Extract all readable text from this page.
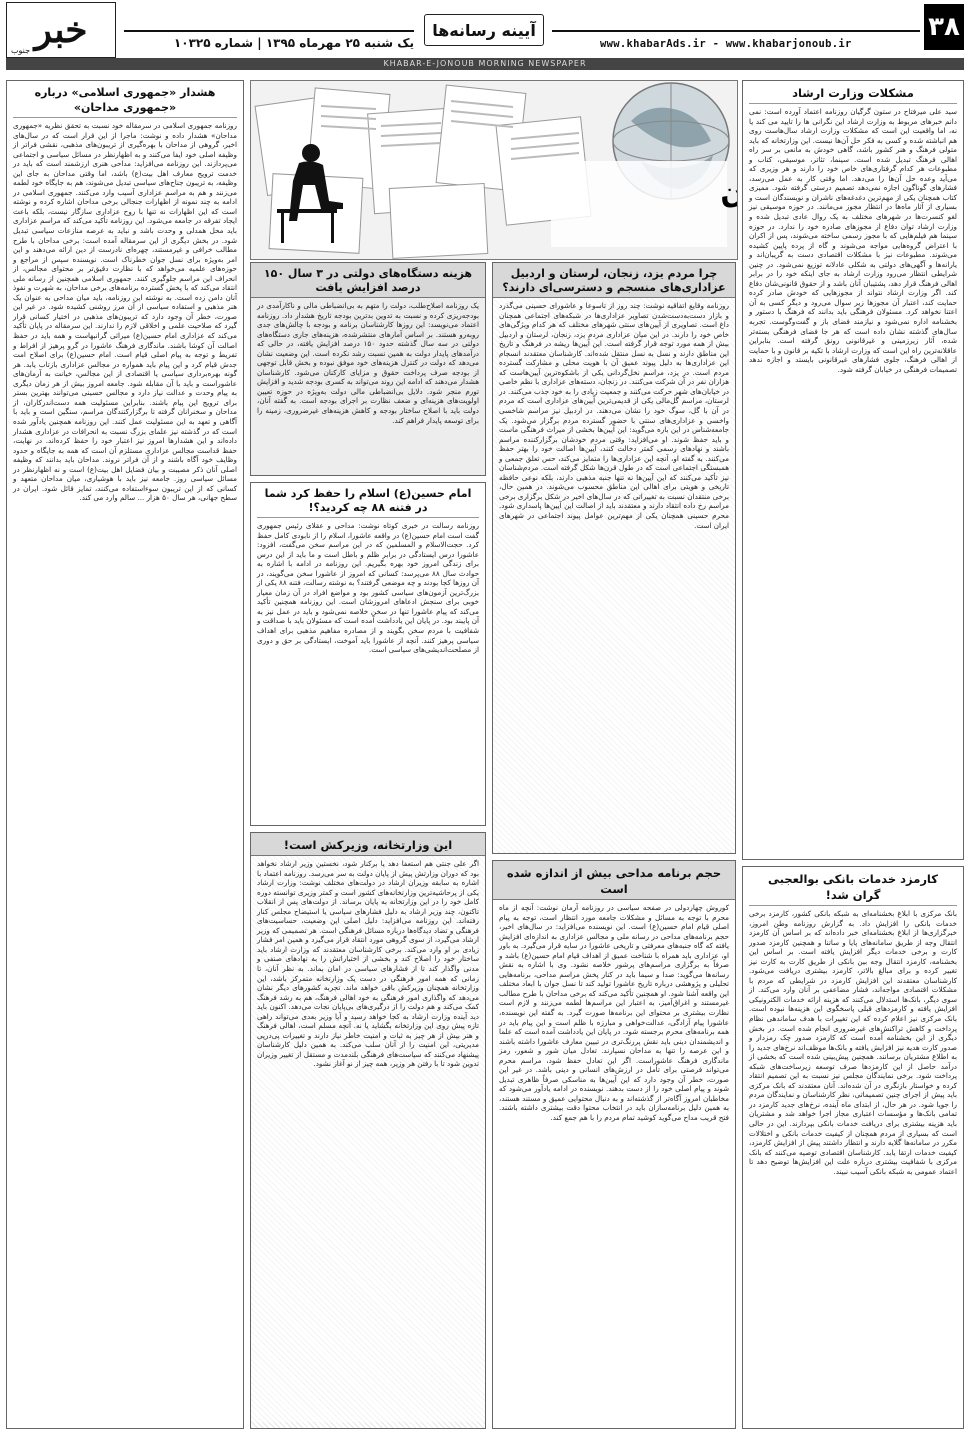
خبر
جنوب
یک شنبه ۲۵ مهرماه ۱۳۹۵ | شماره ۱۰۳۲۵
آیینه رسانه‌ها
www.khabarAds.ir - www.khabarjonoub.ir
۳۸
KHABAR-E-JONOUB MORNING NEWSPAPER
آمین
مشکلات وزارت ارشاد
سید علی میرفتاح در ستون گرگیان روزنامه اعتماد آورده است: نمی دانم خبرهای مربوط به وزارت ارشاد این نگرانی ها را تایید می کند یا نه، اما واقعیت این است که مشکلات وزارت ارشاد سال‌هاست روی هم انباشته شده و کسی به فکر حل آن‌ها نیست. این وزارتخانه که باید متولی فرهنگ و هنر کشور باشد، گاهی خودش به مانعی بر سر راه اهالی فرهنگ تبدیل شده است. سینما، تئاتر، موسیقی، کتاب و مطبوعات هر کدام گرفتاری‌های خاص خود را دارند و هر وزیری که می‌آید وعده حل آن‌ها را می‌دهد. اما وقتی کار به عمل می‌رسد، فشارهای گوناگون اجازه نمی‌دهد تصمیم درستی گرفته شود. ممیزی کتاب همچنان یکی از مهم‌ترین دغدغه‌های ناشران و نویسندگان است و بسیاری از آثار ماه‌ها در انتظار مجوز می‌مانند. در حوزه موسیقی نیز لغو کنسرت‌ها در شهرهای مختلف به یک روال عادی تبدیل شده و وزارت ارشاد توان دفاع از مجوزهای صادره خود را ندارد. در حوزه سینما هم فیلم‌هایی که با مجوز رسمی ساخته می‌شوند، پس از اکران با اعتراض گروه‌هایی مواجه می‌شوند و گاه از پرده پایین کشیده می‌شوند. مطبوعات نیز با مشکلات اقتصادی دست به گریبان‌اند و یارانه‌ها و آگهی‌های دولتی به شکلی عادلانه توزیع نمی‌شود. در چنین شرایطی انتظار می‌رود وزارت ارشاد به جای اینکه خود را در برابر اهالی فرهنگ قرار دهد، پشتیبان آنان باشد و از حقوق قانونی‌شان دفاع کند. اگر وزارت ارشاد نتواند از مجوزهایی که خودش صادر کرده حمایت کند، اعتبار آن مجوزها زیر سوال می‌رود و دیگر کسی به آن اعتنا نخواهد کرد. مسئولان فرهنگی باید بدانند که فرهنگ با دستور و بخشنامه اداره نمی‌شود و نیازمند فضای باز و گفت‌وگوست. تجربه سال‌های گذشته نشان داده است که هر جا فضای فرهنگی بسته‌تر شده، آثار زیرزمینی و غیرقانونی رونق گرفته است. بنابراین عاقلانه‌ترین راه این است که وزارت ارشاد با تکیه بر قانون و با حمایت از اهالی فرهنگ، جلوی فشارهای غیرقانونی بایستد و اجازه ندهد تصمیمات فرهنگی در خیابان گرفته شود.
کارمزد خدمات بانکی بوالعجبی گران شد!
بانک مرکزی با ابلاغ بخشنامه‌ای به شبکه بانکی کشور، کارمزد برخی خدمات بانکی را افزایش داد. به گزارش روزنامه وطن امروز، خبرگزاری‌ها از ابلاغ بخشنامه‌ای خبر داده‌اند که بر اساس آن کارمزد انتقال وجه از طریق سامانه‌های پایا و ساتنا و همچنین کارمزد صدور کارت و برخی خدمات دیگر افزایش یافته است. بر اساس این بخشنامه، کارمزد انتقال وجه بین بانکی از طریق کارت به کارت نیز تغییر کرده و برای مبالغ بالاتر، کارمزد بیشتری دریافت می‌شود. کارشناسان معتقدند این افزایش کارمزد در شرایطی که مردم با مشکلات اقتصادی مواجه‌اند، فشار مضاعفی بر آنان وارد می‌کند. از سوی دیگر، بانک‌ها استدلال می‌کنند که هزینه ارائه خدمات الکترونیکی افزایش یافته و کارمزدهای قبلی پاسخگوی این هزینه‌ها نبوده است. بانک مرکزی نیز اعلام کرده که این تغییرات با هدف ساماندهی نظام پرداخت و کاهش تراکنش‌های غیرضروری انجام شده است. در بخش دیگری از این بخشنامه آمده است که کارمزد صدور چک رمزدار و صدور کارت هدیه نیز افزایش یافته و بانک‌ها موظف‌اند نرخ‌های جدید را به اطلاع مشتریان برسانند. همچنین پیش‌بینی شده است که بخشی از درآمد حاصل از این کارمزدها صرف توسعه زیرساخت‌های شبکه پرداخت شود. برخی نمایندگان مجلس نیز نسبت به این تصمیم انتقاد کرده و خواستار بازنگری در آن شده‌اند. آنان معتقدند که بانک مرکزی باید پیش از اجرای چنین تصمیماتی، نظر کارشناسان و نمایندگان مردم را جویا شود. در هر حال، از ابتدای ماه آینده، نرخ‌های جدید کارمزد در تمامی بانک‌ها و مؤسسات اعتباری مجاز اجرا خواهد شد و مشتریان باید هزینه بیشتری برای دریافت خدمات بانکی بپردازند. این در حالی است که بسیاری از مردم همچنان از کیفیت خدمات بانکی و اختلالات مکرر در سامانه‌ها گلایه دارند و انتظار داشتند پیش از افزایش کارمزد، کیفیت خدمات ارتقا یابد. کارشناسان اقتصادی توصیه می‌کنند که بانک مرکزی با شفافیت بیشتری درباره علت این افزایش‌ها توضیح دهد تا اعتماد عمومی به شبکه بانکی آسیب نبیند.
چرا مردم یزد، زنجان، لرستان و اردبیل عزاداری‌های منسجم و دسترسی‌ای دارند؟
روزنامه وقایع اتفاقیه نوشت: چند روز از تاسوعا و عاشورای حسینی می‌گذرد و بازار دست‌به‌دست‌شدن تصاویر عزاداری‌ها در شبکه‌های اجتماعی همچنان داغ است. تصاویری از آیین‌های سنتی شهرهای مختلف که هر کدام ویژگی‌های خاص خود را دارند. در این میان عزاداری مردم یزد، زنجان، لرستان و اردبیل بیش از همه مورد توجه قرار گرفته است. این آیین‌ها ریشه در فرهنگ و تاریخ این مناطق دارند و نسل به نسل منتقل شده‌اند. کارشناسان معتقدند انسجام این عزاداری‌ها به دلیل پیوند عمیق آن با هویت محلی و مشارکت گسترده مردم است. در یزد، مراسم نخل‌گردانی یکی از باشکوه‌ترین آیین‌هاست که هزاران نفر در آن شرکت می‌کنند. در زنجان، دسته‌های عزاداری با نظم خاصی در خیابان‌های شهر حرکت می‌کنند و جمعیت زیادی را به خود جذب می‌کنند. در لرستان، مراسم گل‌مالی یکی از قدیمی‌ترین آیین‌های عزاداری است که مردم در آن با گل، سوگ خود را نشان می‌دهند. در اردبیل نیز مراسم شاخسی واخسی و عزاداری‌های سنتی با حضور گسترده مردم برگزار می‌شود. یک جامعه‌شناس در این باره می‌گوید: این آیین‌ها بخشی از میراث فرهنگی ماست و باید حفظ شوند. او می‌افزاید: وقتی مردم خودشان برگزارکننده مراسم باشند و نهادهای رسمی کمتر دخالت کنند، آیین‌ها اصالت خود را بهتر حفظ می‌کنند. به گفته او، آنچه این عزاداری‌ها را متمایز می‌کند، حس تعلق جمعی و همبستگی اجتماعی است که در طول قرن‌ها شکل گرفته است. مردم‌شناسان نیز تأکید می‌کنند که این آیین‌ها نه تنها جنبه مذهبی دارند، بلکه نوعی حافظه تاریخی و هویتی برای اهالی این مناطق محسوب می‌شوند. در همین حال، برخی منتقدان نسبت به تغییراتی که در سال‌های اخیر در شکل برگزاری برخی مراسم رخ داده انتقاد دارند و معتقدند باید از اصالت این آیین‌ها پاسداری شود. محرم حسینی همچنان یکی از مهم‌ترین عوامل پیوند اجتماعی در شهرهای ایران است.
حجم برنامه مداحی بیش از اندازه شده است
کوروش چهاردولی در صفحه سیاسی در روزنامه آرمان نوشت: آنچه از ماه محرم با توجه به مسائل و مشکلات جامعه مورد انتظار است، توجه به پیام اصلی قیام امام حسین(ع) است. این نویسنده می‌افزاید: در سال‌های اخیر، حجم برنامه‌های مداحی در رسانه ملی و مجالس عزاداری به اندازه‌ای افزایش یافته که گاه جنبه‌های معرفتی و تاریخی عاشورا در سایه قرار می‌گیرد. به باور او، عزاداری باید همراه با شناخت عمیق از اهداف قیام امام حسین(ع) باشد و صرفاً به برگزاری مراسم‌های پرشور خلاصه نشود. وی با اشاره به نقش رسانه‌ها می‌گوید: صدا و سیما باید در کنار پخش مراسم مداحی، برنامه‌هایی تحلیلی و پژوهشی درباره تاریخ عاشورا تولید کند تا نسل جوان با ابعاد مختلف این واقعه آشنا شود. او همچنین تأکید می‌کند که برخی مداحان با طرح مطالب غیرمستند و اغراق‌آمیز، به اعتبار این مراسم‌ها لطمه می‌زنند و لازم است نظارت بیشتری بر محتوای این برنامه‌ها صورت گیرد. به گفته این نویسنده، عاشورا پیام آزادگی، عدالت‌خواهی و مبارزه با ظلم است و این پیام باید در همه برنامه‌های محرم برجسته شود. در پایان این یادداشت آمده است که علما و اندیشمندان دینی باید نقش پررنگ‌تری در تبیین معارف عاشورا داشته باشند و این عرصه را تنها به مداحان نسپارند. تعادل میان شور و شعور، رمز ماندگاری فرهنگ عاشوراست. اگر این تعادل حفظ شود، مراسم محرم می‌تواند فرصتی برای تأمل در ارزش‌های انسانی و دینی باشد. در غیر این صورت، خطر آن وجود دارد که این آیین‌ها به مناسکی صرفاً ظاهری تبدیل شوند و پیام اصلی خود را از دست بدهند. نویسنده در ادامه یادآور می‌شود که مخاطبان امروز آگاه‌تر از گذشته‌اند و به دنبال محتوایی عمیق و مستند هستند، به همین دلیل برنامه‌سازان باید در انتخاب محتوا دقت بیشتری داشته باشند. فتح قریب مداح می‌گوید کوشید تمام مردم را با هم جمع کند.
هزینه دستگاه‌های دولتی در ۳ سال ۱۵۰ درصد افزایش یافت
یک روزنامه اصلاح‌طلب، دولت را متهم به بی‌انضباطی مالی و ناکارآمدی در بودجه‌ریزی کرده و نسبت به تدوین بدترین بودجه تاریخ هشدار داد. روزنامه اعتماد می‌نویسد: این روزها کارشناسان برنامه و بودجه با چالش‌های جدی روبه‌رو هستند. بر اساس آمارهای منتشرشده، هزینه‌های جاری دستگاه‌های دولتی در سه سال گذشته حدود ۱۵۰ درصد افزایش یافته، در حالی که درآمدهای پایدار دولت به همین نسبت رشد نکرده است. این وضعیت نشان می‌دهد که دولت در کنترل هزینه‌های خود موفق نبوده و بخش قابل توجهی از بودجه صرف پرداخت حقوق و مزایای کارکنان می‌شود. کارشناسان هشدار می‌دهند که ادامه این روند می‌تواند به کسری بودجه شدید و افزایش تورم منجر شود. دلایل بی‌انضباطی مالی دولت به‌ویژه در حوزه تعیین اولویت‌های هزینه‌ای و ضعف نظارت بر اجرای بودجه است. به گفته آنان، دولت باید با اصلاح ساختار بودجه و کاهش هزینه‌های غیرضروری، زمینه را برای توسعه پایدار فراهم کند.
امام حسین(ع) اسلام را حفظ کرد شما در فتنه ۸۸ چه کردید؟!
روزنامه رسالت در خبری کوتاه نوشت: مداحی و عقلای رئیس جمهوری گفت است امام حسین(ع) در واقعه عاشورا، اسلام را از نابودی کامل حفظ کرد. حجت‌الاسلام و المسلمین که در این مراسم سخن می‌گفت، افزود: عاشورا درس ایستادگی در برابر ظلم و باطل است و ما باید از این درس برای زندگی امروز خود بهره بگیریم. این روزنامه در ادامه با اشاره به حوادث سال ۸۸ می‌پرسد: کسانی که امروز از عاشورا سخن می‌گویند، در آن روزها کجا بودند و چه موضعی گرفتند؟ به نوشته رسالت، فتنه ۸۸ یکی از بزرگ‌ترین آزمون‌های سیاسی کشور بود و مواضع افراد در آن زمان معیار خوبی برای سنجش ادعاهای امروزشان است. این روزنامه همچنین تأکید می‌کند که پیام عاشورا تنها در سخن خلاصه نمی‌شود و باید در عمل نیز به آن پایبند بود. در پایان این یادداشت آمده است که مسئولان باید با صداقت و شفافیت با مردم سخن بگویند و از مصادره مفاهیم مذهبی برای اهداف سیاسی پرهیز کنند. آنچه از عاشورا باید آموخت، ایستادگی بر حق و دوری از مصلحت‌اندیشی‌های سیاسی است.
این وزارتخانه، وزیرکش است!
اگر علی جنتی هم استعفا دهد یا برکنار شود، نخستین وزیر ارشاد نخواهد بود که دوران وزارتش پیش از پایان دولت به سر می‌رسد. روزنامه اعتماد با اشاره به سابقه وزیران ارشاد در دولت‌های مختلف نوشت: وزارت ارشاد یکی از پرحاشیه‌ترین وزارتخانه‌های کشور است و کمتر وزیری توانسته دوره کامل خود را در این وزارتخانه به پایان برساند. از دولت‌های پس از انقلاب تاکنون، چند وزیر ارشاد به دلیل فشارهای سیاسی یا استیضاح مجلس کنار رفته‌اند. این روزنامه می‌افزاید: دلیل اصلی این وضعیت، حساسیت‌های فرهنگی و تضاد دیدگاه‌ها درباره مسائل فرهنگی است. هر تصمیمی که وزیر ارشاد می‌گیرد، از سوی گروهی مورد انتقاد قرار می‌گیرد و همین امر فشار زیادی بر او وارد می‌کند. برخی کارشناسان معتقدند که وزارت ارشاد باید ساختار خود را اصلاح کند و بخشی از اختیاراتش را به نهادهای صنفی و مدنی واگذار کند تا از فشارهای سیاسی در امان بماند. به نظر آنان، تا زمانی که همه امور فرهنگی در دست یک وزارتخانه متمرکز باشد، این وزارتخانه همچنان وزیرکش باقی خواهد ماند. تجربه کشورهای دیگر نشان می‌دهد که واگذاری امور فرهنگی به خود اهالی فرهنگ، هم به رشد فرهنگ کمک می‌کند و هم دولت را از درگیری‌های بی‌پایان نجات می‌دهد. اکنون باید دید آینده وزارت ارشاد به کجا خواهد رسید و آیا وزیر بعدی می‌تواند راهی تازه پیش روی این وزارتخانه بگشاید یا نه. آنچه مسلم است، اهالی فرهنگ و هنر بیش از هر چیز به ثبات و امنیت خاطر نیاز دارند و تغییرات پی‌درپی مدیریتی، این امنیت را از آنان سلب می‌کند. به همین دلیل کارشناسان پیشنهاد می‌کنند که سیاست‌های فرهنگی بلندمدت و مستقل از تغییر وزیران تدوین شود تا با رفتن هر وزیر، همه چیز از نو آغاز نشود.
هشدار «جمهوری اسلامی» درباره «جمهوری مداحان»
روزنامه جمهوری اسلامی در سرمقاله خود نسبت به تحقق نظریه «جمهوری مداحان» هشدار داده و نوشت: ماجرا از این قرار است که در سال‌های اخیر، گروهی از مداحان با بهره‌گیری از تریبون‌های مذهبی، نقشی فراتر از وظیفه اصلی خود ایفا می‌کنند و به اظهارنظر در مسائل سیاسی و اجتماعی می‌پردازند. این روزنامه می‌افزاید: مداحی هنری ارزشمند است که باید در خدمت ترویج معارف اهل بیت(ع) باشد، اما وقتی مداحان به جای این وظیفه، به تریبون جناح‌های سیاسی تبدیل می‌شوند، هم به جایگاه خود لطمه می‌زنند و هم به مراسم عزاداری آسیب وارد می‌کنند. جمهوری اسلامی در ادامه به چند نمونه از اظهارات جنجالی برخی مداحان اشاره کرده و نوشته است که این اظهارات نه تنها با روح عزاداری سازگار نیست، بلکه باعث ایجاد تفرقه در جامعه می‌شود. این روزنامه تأکید می‌کند که مراسم عزاداری باید محل همدلی و وحدت باشد و نباید به عرصه منازعات سیاسی تبدیل شود. در بخش دیگری از این سرمقاله آمده است: برخی مداحان با طرح مطالب خرافی و غیرمستند، چهره‌ای نادرست از دین ارائه می‌دهند و این امر به‌ویژه برای نسل جوان خطرناک است. نویسنده سپس از مراجع و حوزه‌های علمیه می‌خواهد که با نظارت دقیق‌تر بر محتوای مجالس، از انحراف این مراسم جلوگیری کنند. جمهوری اسلامی همچنین از رسانه ملی انتقاد می‌کند که با پخش گسترده برنامه‌های برخی مداحان، به شهرت و نفوذ آنان دامن زده است. به نوشته این روزنامه، باید میان مداحی به عنوان یک هنر مذهبی و استفاده سیاسی از آن مرز روشنی کشیده شود. در غیر این صورت، خطر آن وجود دارد که تریبون‌های مذهبی در اختیار کسانی قرار گیرد که صلاحیت علمی و اخلاقی لازم را ندارند. این سرمقاله در پایان تأکید می‌کند که عزاداری امام حسین(ع) میراثی گرانبهاست و همه باید در حفظ اصالت آن کوشا باشند. ماندگاری فرهنگ عاشورا در گرو پرهیز از افراط و تفریط و توجه به پیام اصلی قیام است. امام حسین(ع) برای اصلاح امت جدش قیام کرد و این پیام باید همواره در مجالس عزاداری بازتاب یابد. هر گونه بهره‌برداری سیاسی یا اقتصادی از این مجالس، خیانت به آرمان‌های عاشوراست و باید با آن مقابله شود. جامعه امروز بیش از هر زمان دیگری به پیام وحدت و عدالت نیاز دارد و مجالس حسینی می‌توانند بهترین بستر برای ترویج این پیام باشند. بنابراین مسئولیت همه دست‌اندرکاران، از مداحان و سخنرانان گرفته تا برگزارکنندگان مراسم، سنگین است و باید با آگاهی و تعهد به این مسئولیت عمل کنند. این روزنامه همچنین یادآور شده است که در گذشته نیز علمای بزرگ نسبت به انحرافات در عزاداری هشدار داده‌اند و این هشدارها امروز نیز اعتبار خود را حفظ کرده‌اند. در نهایت، حفظ قداست مجالس عزاداری مستلزم آن است که همه به جایگاه و حدود وظایف خود آگاه باشند و از آن فراتر نروند. مداحان باید بدانند که وظیفه اصلی آنان ذکر مصیبت و بیان فضایل اهل بیت(ع) است و نه اظهارنظر در مسائل سیاسی روز. جامعه نیز باید با هوشیاری، میان مداحان متعهد و کسانی که از این تریبون سوءاستفاده می‌کنند، تمایز قائل شود. ایران در سطح جهانی، ‌هر سال ۵۰ هزار ... سالم وارد می کند.
